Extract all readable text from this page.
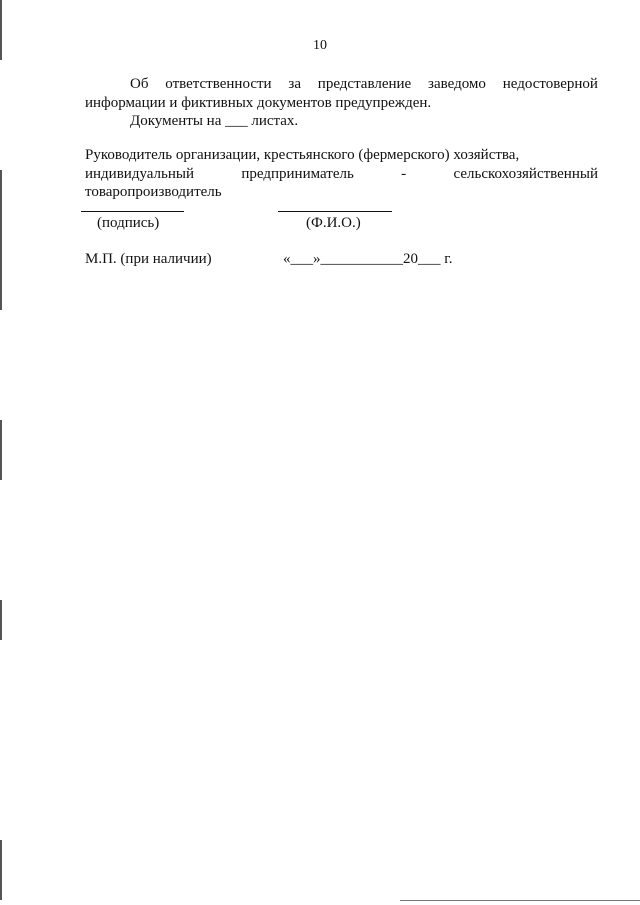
10
Об ответственности за представление заведомо недостоверной
информации и фиктивных документов предупрежден.
Документы на ___ листах.
Руководитель организации, крестьянского (фермерского) хозяйства,
индивидуальный	предприниматель	-	сельскохозяйственный
товаропроизводитель
(подпись)	(Ф.И.О.)
М.П. (при наличии)	«___»___________20___ г.
